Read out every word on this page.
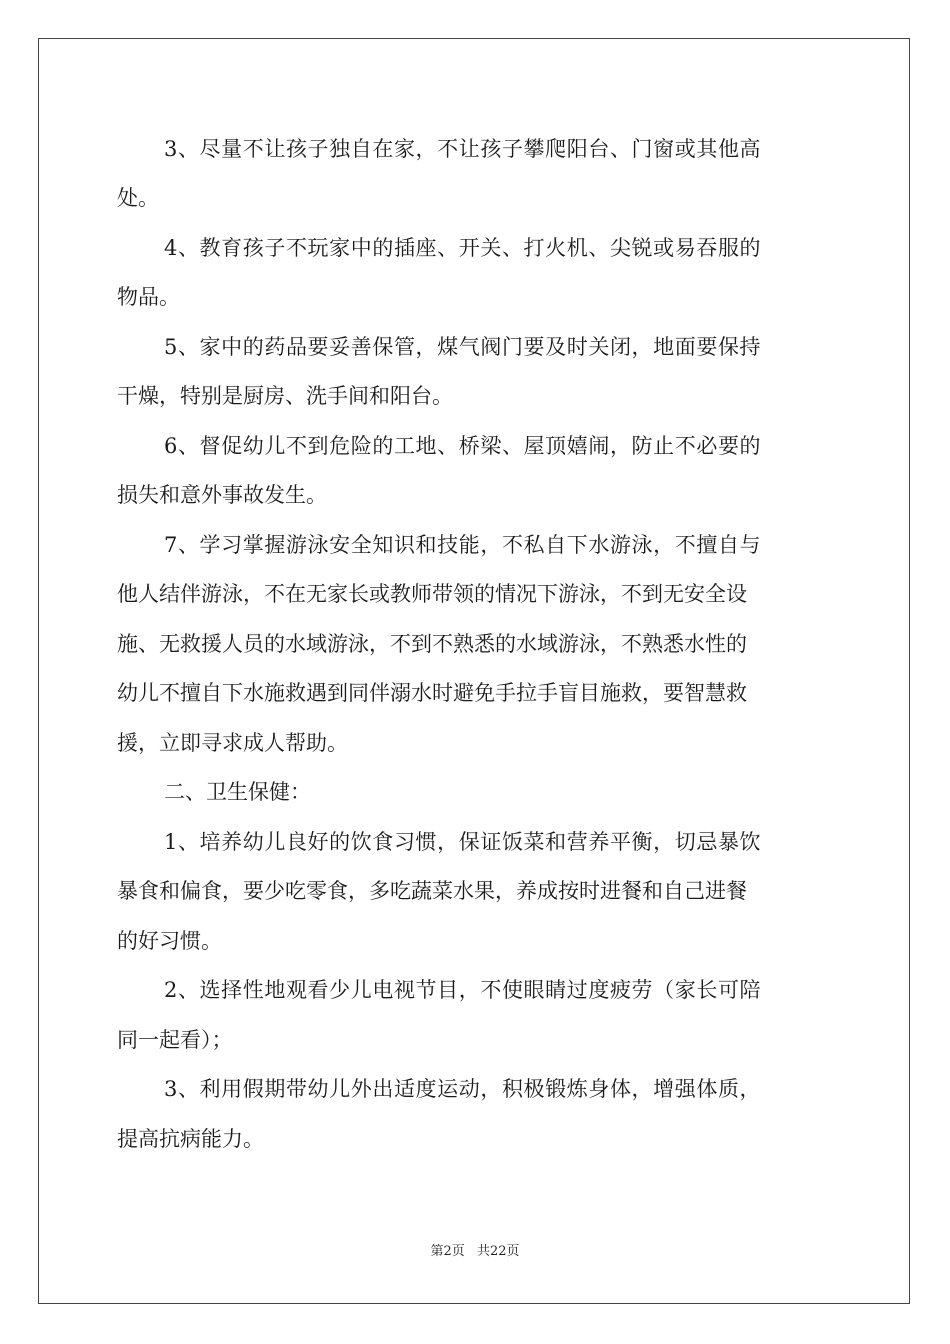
3、尽量不让孩子独自在家，不让孩子攀爬阳台、门窗或其他高

处。

4、教育孩子不玩家中的插座、开关、打火机、尖锐或易吞服的

物品。

5、家中的药品要妥善保管，煤气阀门要及时关闭，地面要保持

干燥，特别是厨房、洗手间和阳台。

6、督促幼儿不到危险的工地、桥梁、屋顶嬉闹，防止不必要的

损失和意外事故发生。

7、学习掌握游泳安全知识和技能，不私自下水游泳，不擅自与

他人结伴游泳，不在无家长或教师带领的情况下游泳，不到无安全设

施、无救援人员的水域游泳，不到不熟悉的水域游泳，不熟悉水性的

幼儿不擅自下水施救遇到同伴溺水时避免手拉手盲目施救，要智慧救

援，立即寻求成人帮助。

二、卫生保健：

1、培养幼儿良好的饮食习惯，保证饭菜和营养平衡，切忌暴饮

暴食和偏食，要少吃零食，多吃蔬菜水果，养成按时进餐和自己进餐

的好习惯。

2、选择性地观看少儿电视节目，不使眼睛过度疲劳（家长可陪

同一起看）；

3、利用假期带幼儿外出适度运动，积极锻炼身体，增强体质，

提高抗病能力。

第2页 共22页
